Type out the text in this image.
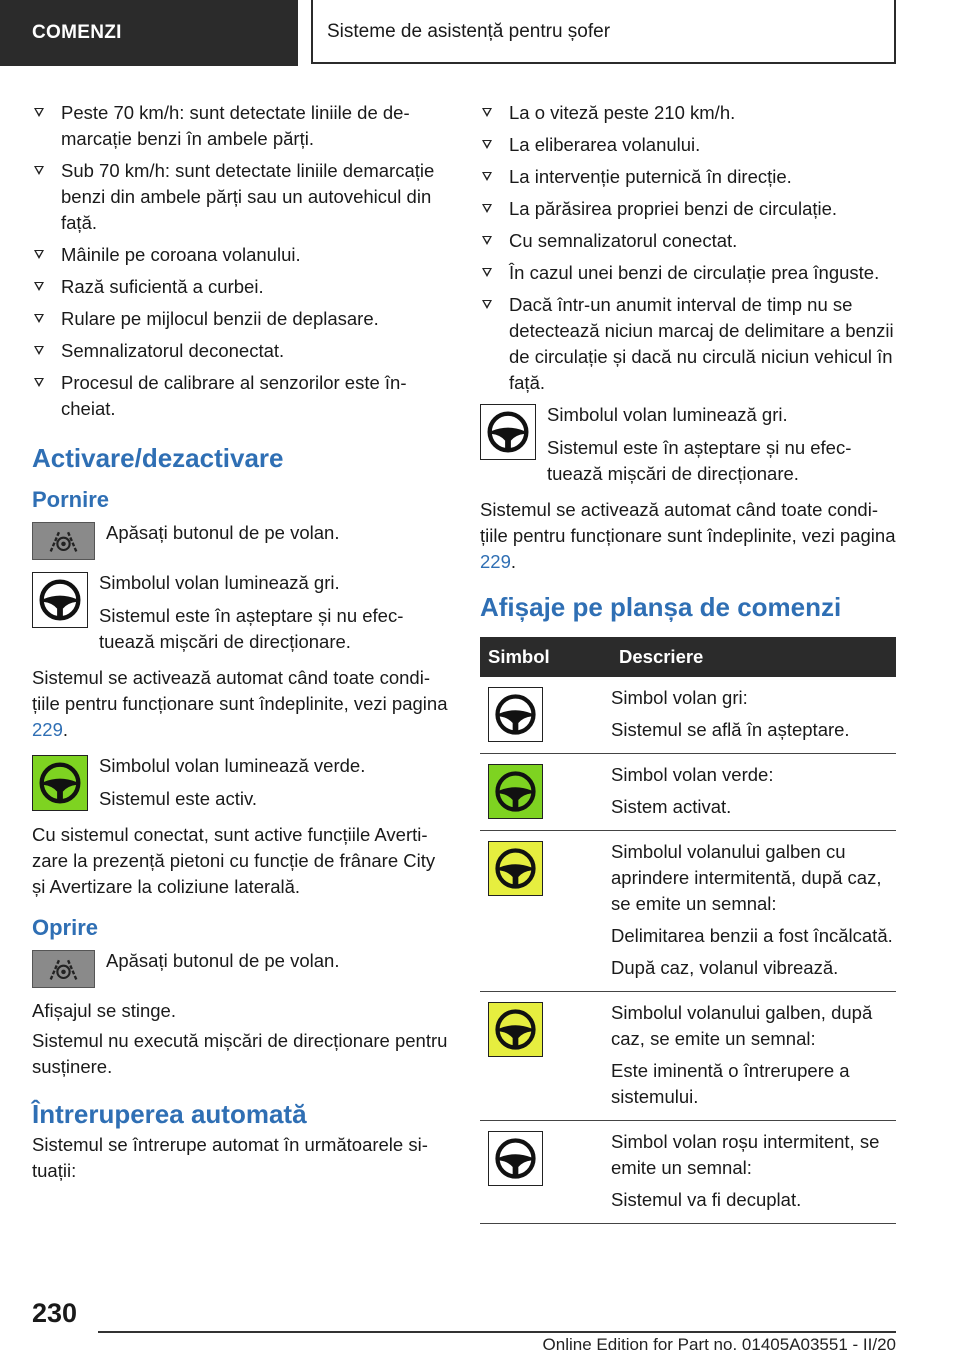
COMENZI	Sisteme de asistență pentru șofer
Peste 70 km/h: sunt detectate liniile de demarcație benzi în ambele părți.
Sub 70 km/h: sunt detectate liniile demarcație benzi din ambele părți sau un autovehicul din față.
Mâinile pe coroana volanului.
Rază suficientă a curbei.
Rulare pe mijlocul benzii de deplasare.
Semnalizatorul deconectat.
Procesul de calibrare al senzorilor este încheiat.
Activare/dezactivare
Pornire
Apăsați butonul de pe volan.
Simbolul volan luminează gri.
Sistemul este în așteptare și nu efectuează mișcări de direcționare.
Sistemul se activează automat când toate condițiile pentru funcționare sunt îndeplinite, vezi pagina 229.
Simbolul volan luminează verde.
Sistemul este activ.
Cu sistemul conectat, sunt active funcțiile Avertizare la prezență pietoni cu funcție de frânare City și Avertizare la coliziune laterală.
Oprire
Apăsați butonul de pe volan.
Afișajul se stinge.
Sistemul nu execută mișcări de direcționare pentru susținere.
Întreruperea automată
Sistemul se întrerupe automat în următoarele situații:
La o viteză peste 210 km/h.
La eliberarea volanului.
La intervenție puternică în direcție.
La părăsirea propriei benzi de circulație.
Cu semnalizatorul conectat.
În cazul unei benzi de circulație prea înguste.
Dacă într-un anumit interval de timp nu se detectează niciun marcaj de delimitare a benzii de circulație și dacă nu circulă niciun vehicul în față.
Simbolul volan luminează gri.
Sistemul este în așteptare și nu efectuează mișcări de direcționare.
Sistemul se activează automat când toate condițiile pentru funcționare sunt îndeplinite, vezi pagina 229.
Afișaje pe planșa de comenzi
Simbol	Descriere

Simbol volan gri:
Sistemul se află în așteptare.

Simbol volan verde:
Sistem activat.

Simbolul volanului galben cu aprindere intermitentă, după caz, se emite un semnal:
Delimitarea benzii a fost încălcată.
După caz, volanul vibrează.

Simbolul volanului galben, după caz, se emite un semnal:
Este iminentă o întrerupere a sistemului.

Simbol volan roșu intermitent, se emite un semnal:
Sistemul va fi decuplat.
230
Online Edition for Part no. 01405A03551 - II/20
